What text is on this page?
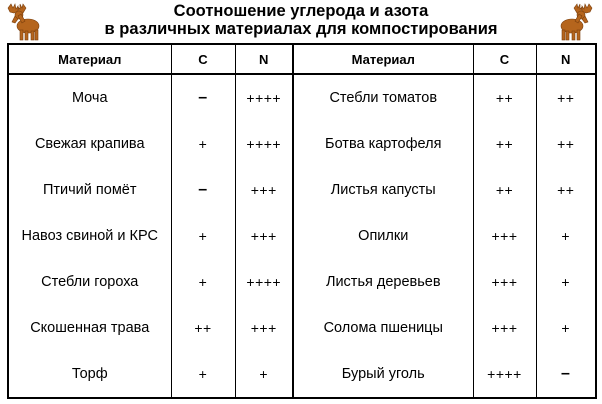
Соотношение углерода и азота
в различных материалах для компостирования
Материал	C	N	Материал	C	N
Моча	–	++++	Стебли томатов	++	++
Свежая крапива	+	++++	Ботва картофеля	++	++
Птичий помёт	–	+++	Листья капусты	++	++
Навоз свиной и КРС	+	+++	Опилки	+++	+
Стебли гороха	+	++++	Листья деревьев	+++	+
Скошенная трава	++	+++	Солома пшеницы	+++	+
Торф	+	+	Бурый уголь	++++	–
